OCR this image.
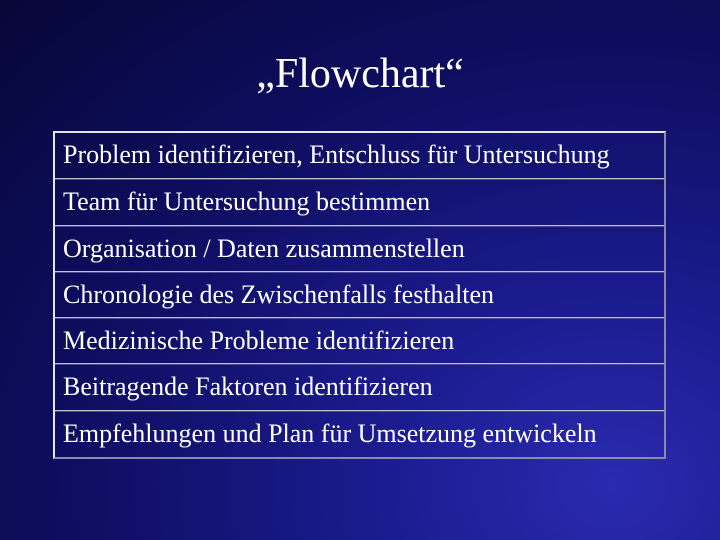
„Flowchart“
Problem identifizieren, Entschluss für Untersuchung
Team für Untersuchung bestimmen
Organisation / Daten zusammenstellen
Chronologie des Zwischenfalls festhalten
Medizinische Probleme identifizieren
Beitragende Faktoren identifizieren
Empfehlungen und Plan für Umsetzung entwickeln
